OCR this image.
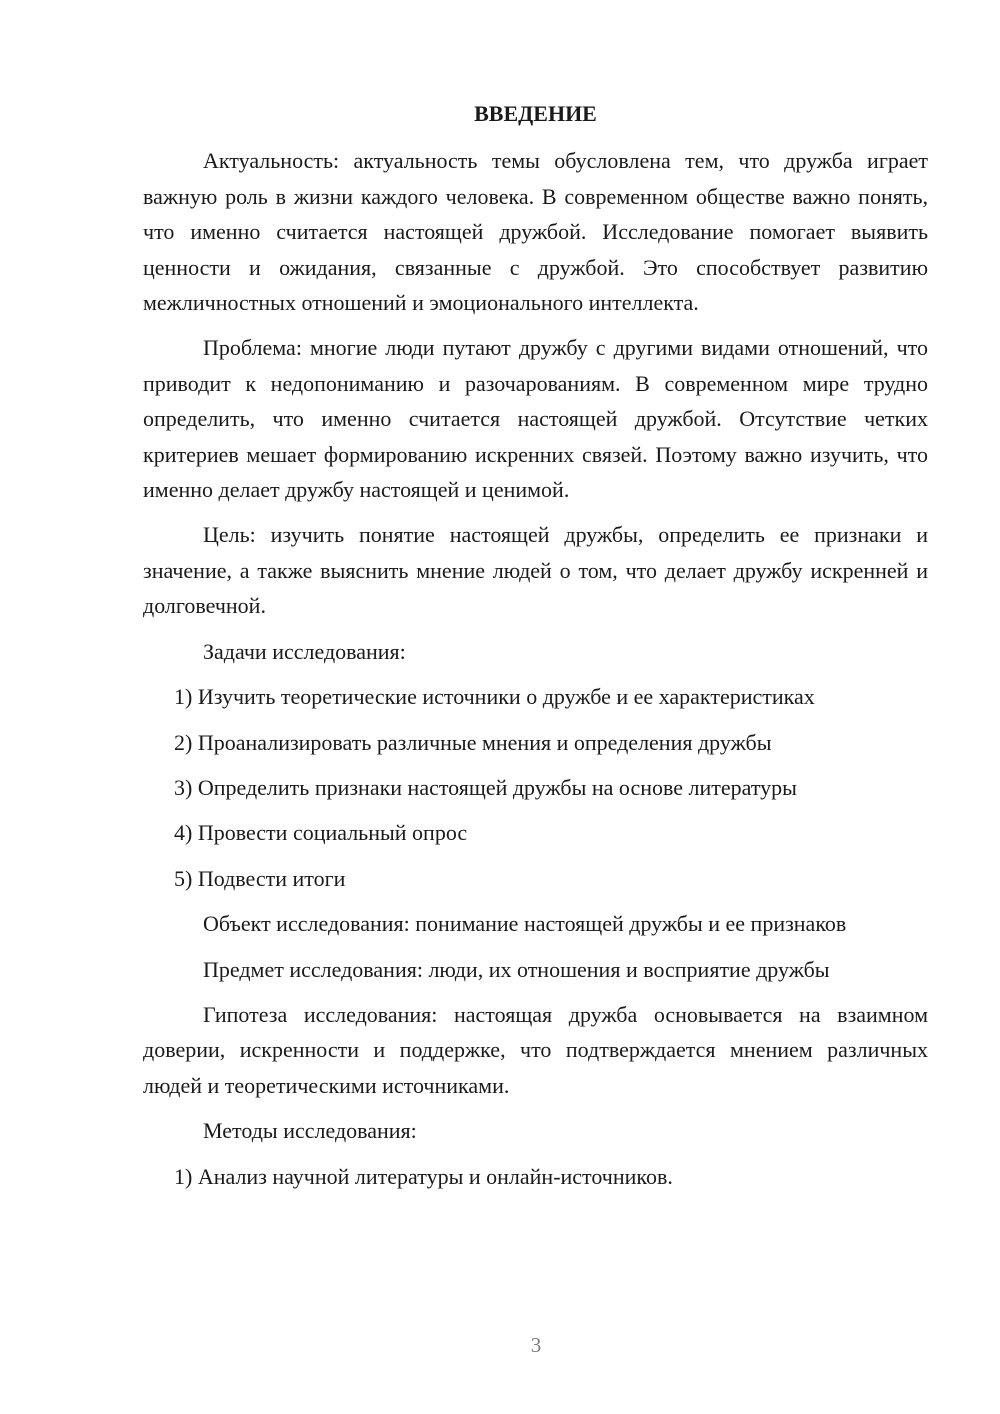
ВВЕДЕНИЕ

Актуальность: актуальность темы обусловлена тем, что дружба играет важную роль в жизни каждого человека. В современном обществе важно понять, что именно считается настоящей дружбой. Исследование помогает выявить ценности и ожидания, связанные с дружбой. Это способствует развитию межличностных отношений и эмоционального интеллекта.

Проблема: многие люди путают дружбу с другими видами отношений, что приводит к недопониманию и разочарованиям. В современном мире трудно определить, что именно считается настоящей дружбой. Отсутствие четких критериев мешает формированию искренних связей. Поэтому важно изучить, что именно делает дружбу настоящей и ценимой.

Цель: изучить понятие настоящей дружбы, определить ее признаки и значение, а также выяснить мнение людей о том, что делает дружбу искренней и долговечной.

Задачи исследования:
1) Изучить теоретические источники о дружбе и ее характеристиках
2) Проанализировать различные мнения и определения дружбы
3) Определить признаки настоящей дружбы на основе литературы
4) Провести социальный опрос
5) Подвести итоги

Объект исследования: понимание настоящей дружбы и ее признаков

Предмет исследования: люди, их отношения и восприятие дружбы

Гипотеза исследования: настоящая дружба основывается на взаимном доверии, искренности и поддержке, что подтверждается мнением различных людей и теоретическими источниками.

Методы исследования:
1) Анализ научной литературы и онлайн-источников.
3
